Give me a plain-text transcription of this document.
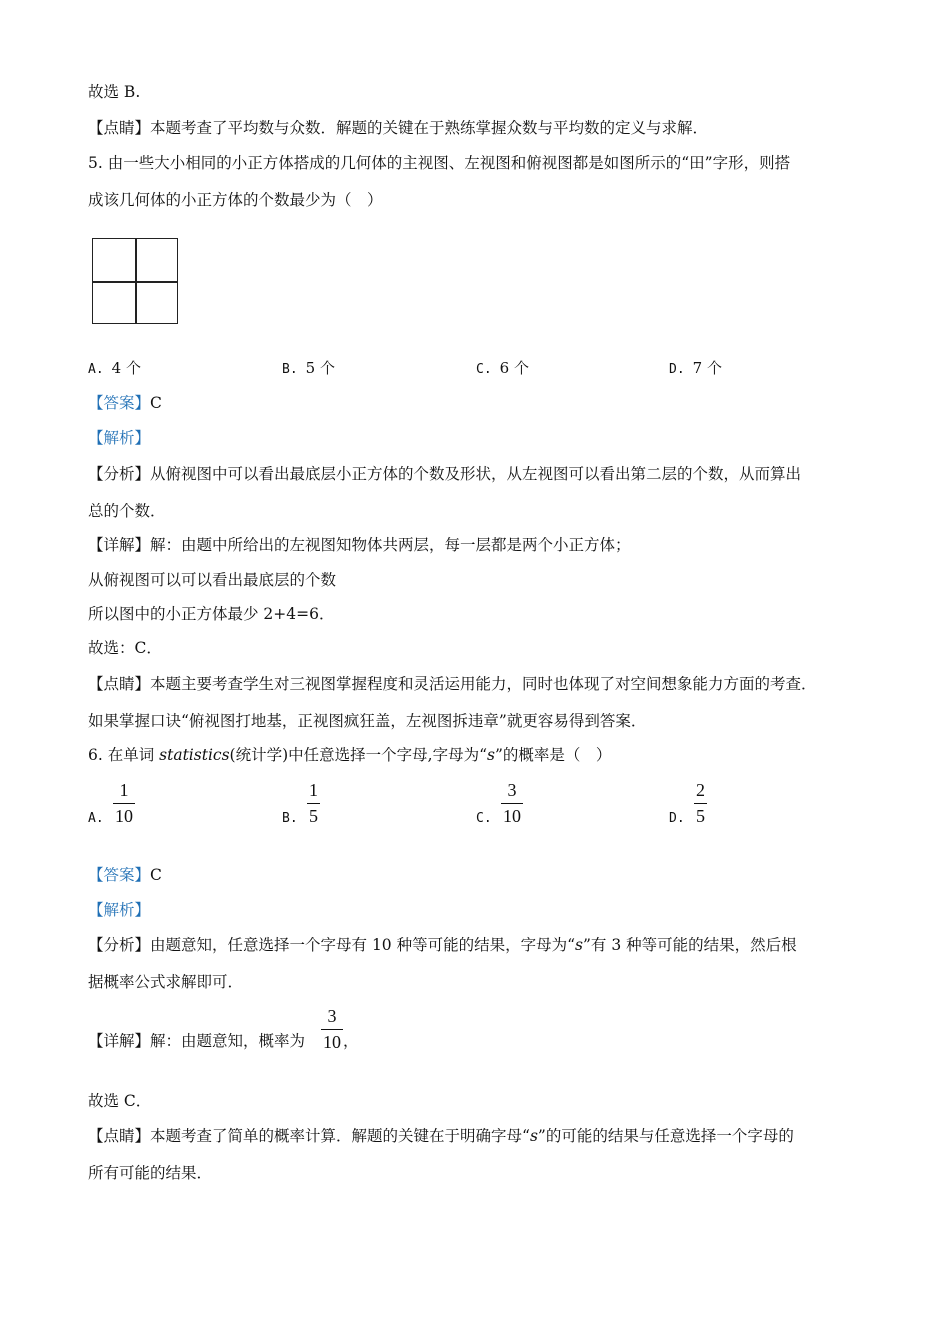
故选 B.
【点睛】本题考查了平均数与众数．解题的关键在于熟练掌握众数与平均数的定义与求解．
5. 由一些大小相同的小正方体搭成的几何体的主视图、左视图和俯视图都是如图所示的“田”字形，则搭
成该几何体的小正方体的个数最少为（　）
A. 4 个	B. 5 个	C. 6 个	D. 7 个
【答案】C
【解析】
【分析】从俯视图中可以看出最底层小正方体的个数及形状，从左视图可以看出第二层的个数，从而算出
总的个数．
【详解】解：由题中所给出的左视图知物体共两层，每一层都是两个小正方体；
从俯视图可以可以看出最底层的个数
所以图中的小正方体最少 2+4=6．
故选：C．
【点睛】本题主要考查学生对三视图掌握程度和灵活运用能力，同时也体现了对空间想象能力方面的考查．
如果掌握口诀“俯视图打地基，正视图疯狂盖，左视图拆违章”就更容易得到答案．
6. 在单词 statistics(统计学)中任意选择一个字母,字母为“s”的概率是（　）
A.
1
10	B.
1
5	C.
3
10	D.
2
5
【答案】C
【解析】
【分析】由题意知，任意选择一个字母有 10 种等可能的结果，字母为“s”有 3 种等可能的结果，然后根
据概率公式求解即可．
【详解】解：由题意知，概率为
3
10 ，
故选 C．
【点睛】本题考查了简单的概率计算．解题的关键在于明确字母“s”的可能的结果与任意选择一个字母的
所有可能的结果．
